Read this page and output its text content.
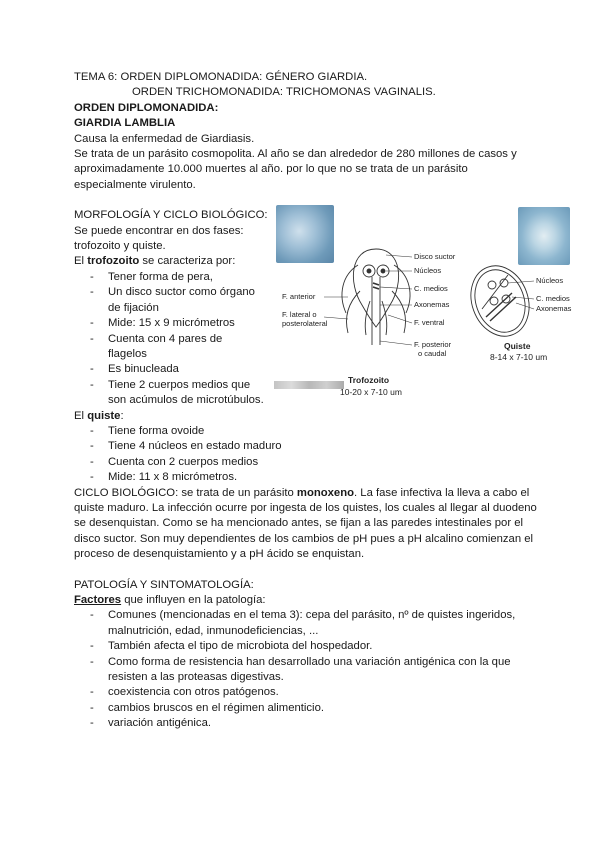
TEMA 6: ORDEN DIPLOMONADIDA: GÉNERO GIARDIA.
ORDEN TRICHOMONADIDA: TRICHOMONAS VAGINALIS.
ORDEN DIPLOMONADIDA:
GIARDIA LAMBLIA
Causa la enfermedad de Giardiasis.
Se trata de un parásito cosmopolita. Al año se dan alrededor de 280 millones de casos y
aproximadamente 10.000 muertes al año. por lo que no se trata de un parásito
especialmente virulento.
MORFOLOGÍA Y CICLO BIOLÓGICO:
Se puede encontrar en dos fases:
trofozoito y quiste.
El trofozoito se caracteriza por:
- Tener forma de pera,
- Un disco suctor como órgano
de fijación
- Mide: 15 x 9 micrómetros
- Cuenta con 4 pares de flagelos
- Es binucleada
- Tiene 2 cuerpos medios que
son acúmulos de microtúbulos.
El quiste:
- Tiene forma ovoide
- Tiene 4 núcleos en estado maduro
- Cuenta con 2 cuerpos medios
- Mide: 11 x 8 micrómetros.
CICLO BIOLÓGICO: se trata de un parásito monoxeno. La fase infectiva la lleva a cabo el
quiste maduro. La infección ocurre por ingesta de los quistes, los cuales al llegar al duodeno
se desenquistan. Como se ha mencionado antes, se fijan a las paredes intestinales por el
disco suctor. Son muy dependientes de los cambios de pH pues a pH alcalino comienzan el
proceso de desenquistamiento y a pH ácido se enquistan.
PATOLOGÍA Y SINTOMATOLOGÍA:
Factores que influyen en la patología:
- Comunes (mencionadas en el tema 3): cepa del parásito, nº de quistes ingeridos,
malnutrición, edad, inmunodeficiencias, ...
- También afecta el tipo de microbiota del hospedador.
- Como forma de resistencia han desarrollado una variación antigénica con la que
resisten a las proteasas digestivas.
- coexistencia con otros patógenos.
- cambios bruscos en el régimen alimenticio.
- variación antigénica.
Disco suctor
Núcleos
C. medios
Axonemas
F. ventral
F. posterior
o caudal
F. anterior
F. lateral o
posterolateral
Núcleos
C. medios
Axonemas
Trofozoito
10-20 x 7-10 um
Quiste
8-14 x 7-10 um
